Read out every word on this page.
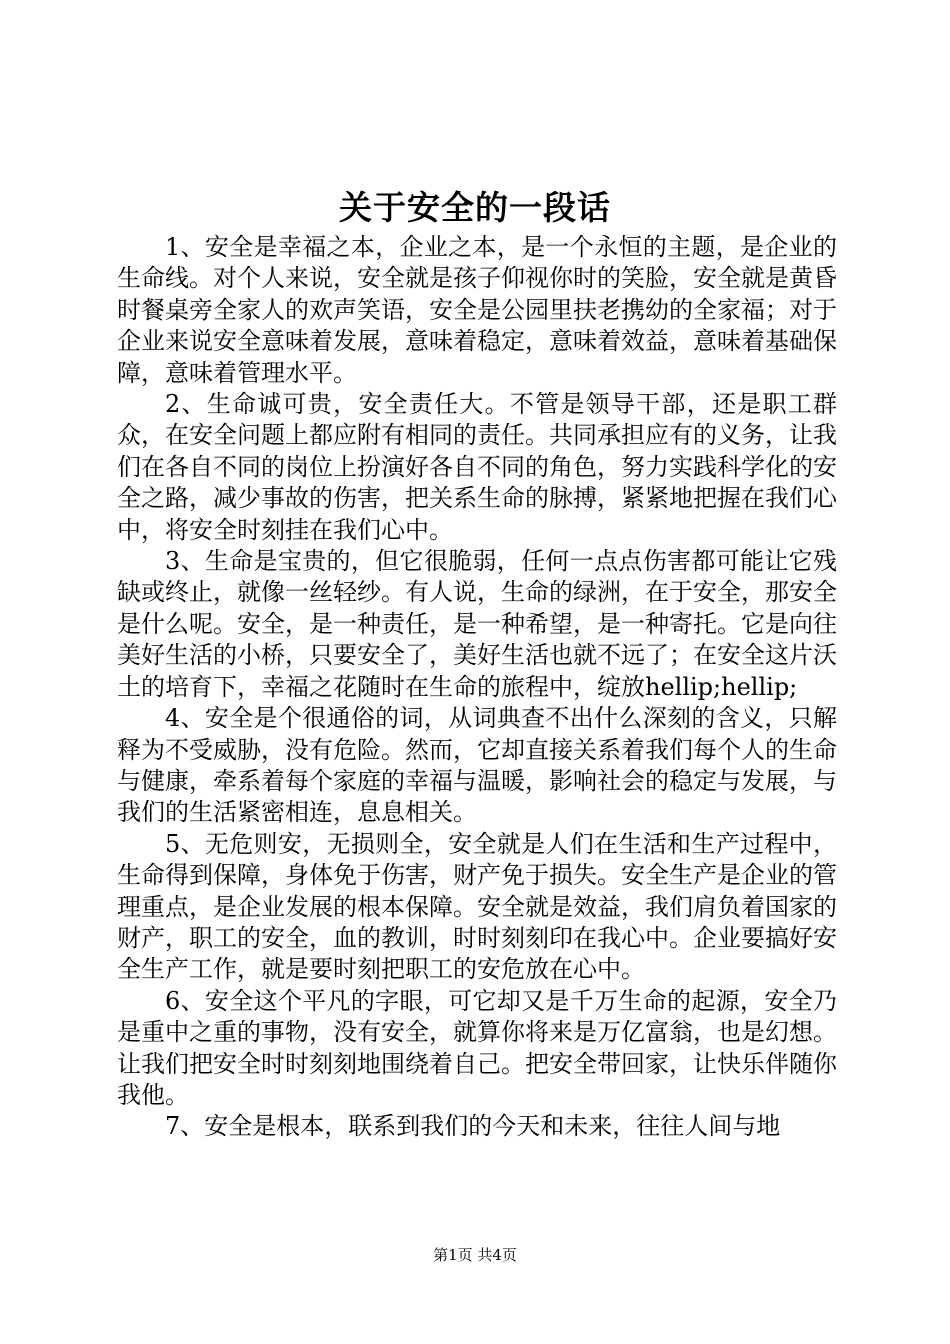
关于安全的一段话

1、安全是幸福之本，企业之本，是一个永恒的主题，是企业的生命线。对个人来说，安全就是孩子仰视你时的笑脸，安全就是黄昏时餐桌旁全家人的欢声笑语，安全是公园里扶老携幼的全家福；对于企业来说安全意味着发展，意味着稳定，意味着效益，意味着基础保障，意味着管理水平。

2、生命诚可贵，安全责任大。不管是领导干部，还是职工群众，在安全问题上都应附有相同的责任。共同承担应有的义务，让我们在各自不同的岗位上扮演好各自不同的角色，努力实践科学化的安全之路，减少事故的伤害，把关系生命的脉搏，紧紧地把握在我们心中，将安全时刻挂在我们心中。

3、生命是宝贵的，但它很脆弱，任何一点点伤害都可能让它残缺或终止，就像一丝轻纱。有人说，生命的绿洲，在于安全，那安全是什么呢。安全，是一种责任，是一种希望，是一种寄托。它是向往美好生活的小桥，只要安全了，美好生活也就不远了；在安全这片沃土的培育下，幸福之花随时在生命的旅程中，绽放hellip;hellip;

4、安全是个很通俗的词，从词典查不出什么深刻的含义，只解释为不受威胁，没有危险。然而，它却直接关系着我们每个人的生命与健康，牵系着每个家庭的幸福与温暖，影响社会的稳定与发展，与我们的生活紧密相连，息息相关。

5、无危则安，无损则全，安全就是人们在生活和生产过程中，生命得到保障，身体免于伤害，财产免于损失。安全生产是企业的管理重点，是企业发展的根本保障。安全就是效益，我们肩负着国家的财产，职工的安全，血的教训，时时刻刻印在我心中。企业要搞好安全生产工作，就是要时刻把职工的安危放在心中。

6、安全这个平凡的字眼，可它却又是千万生命的起源，安全乃是重中之重的事物，没有安全，就算你将来是万亿富翁，也是幻想。让我们把安全时时刻刻地围绕着自己。把安全带回家，让快乐伴随你我他。

7、安全是根本，联系到我们的今天和未来，往往人间与地

第1页 共4页
